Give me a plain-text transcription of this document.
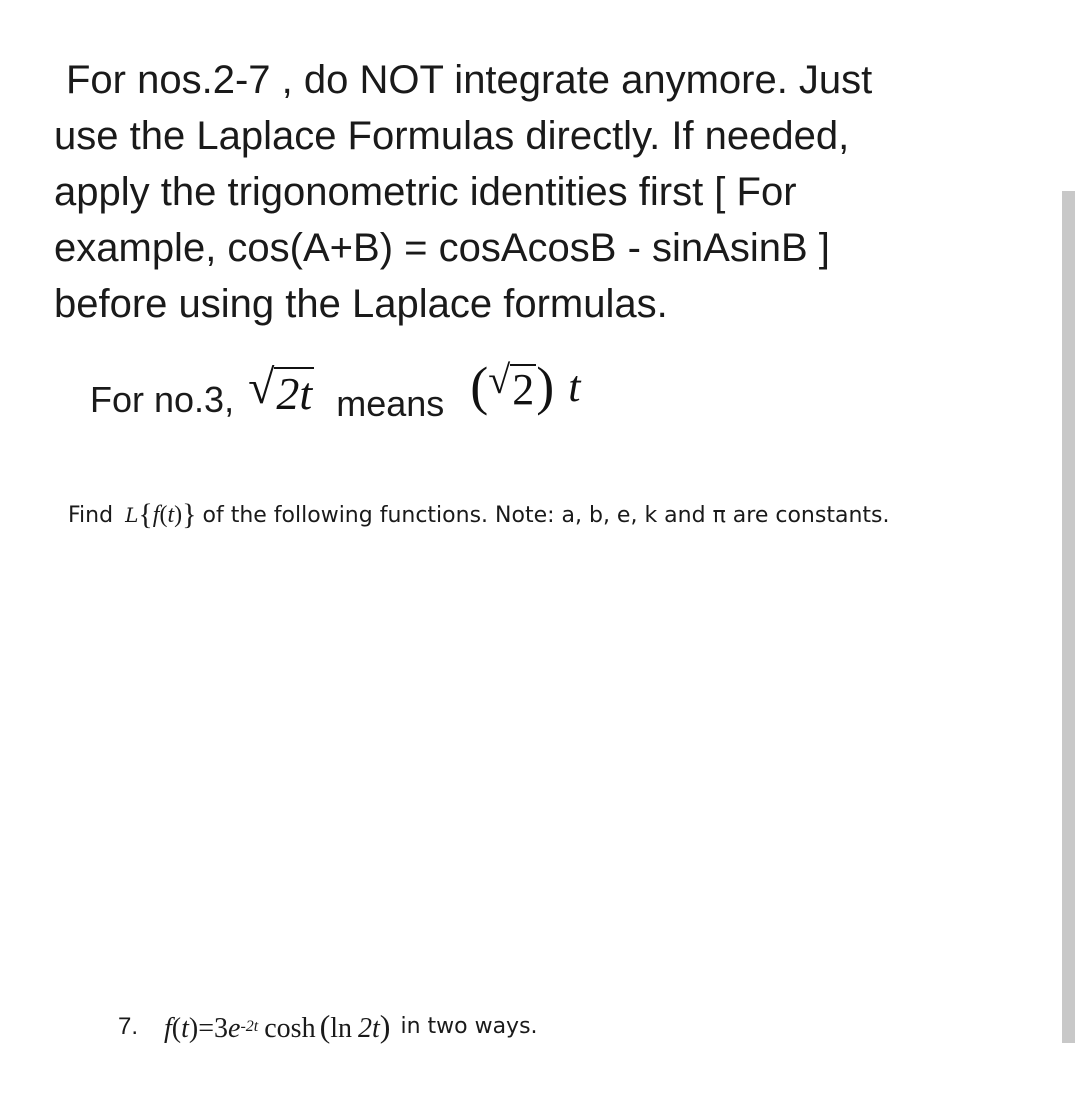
For nos.2-7 , do NOT integrate anymore. Just
use the Laplace Formulas directly. If needed,
apply the trigonometric identities first [ For
example, cos(A+B) = cosAcosB - sinAsinB ]
before using the Laplace formulas.
For no.3, √ 2t means ( √ 2 ) t
Find L { f ( t ) } of the following functions. Note: a, b, e, k and π are constants.
7. f ( t ) = 3 e $^{-2t}$ cosh ( ln 2t ) in two ways.
